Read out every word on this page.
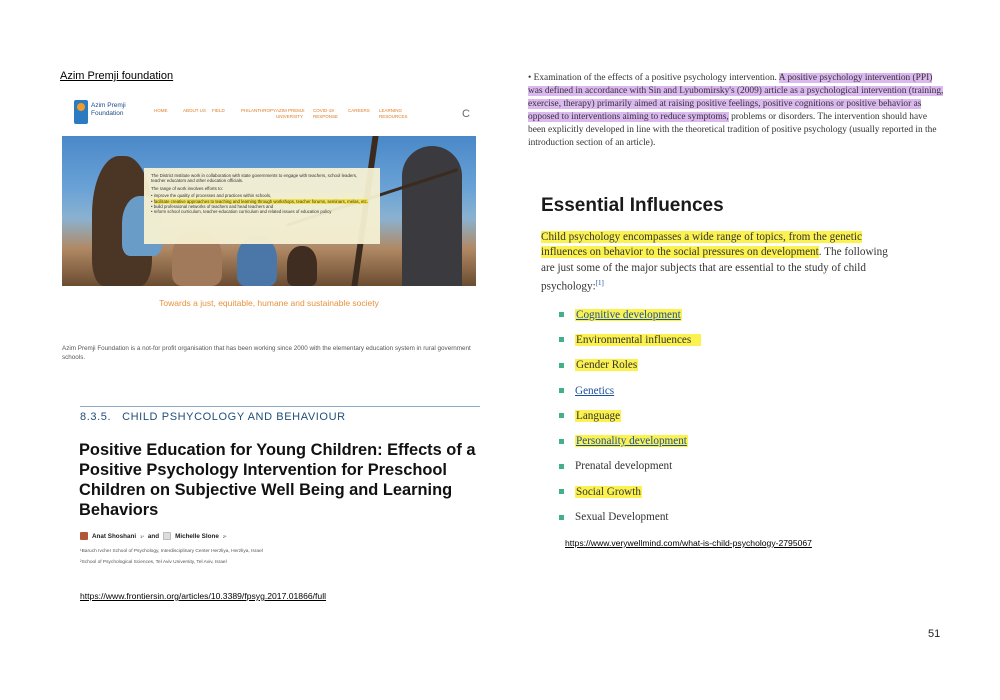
Azim Premji foundation
Azim Premji Foundation	HOME	ABOUT US FIELD	PHILANTHROPY AZIM PREMJI UNIVERSITY
COVID-19 RESPONSE
CAREERS	LEARNING RESOURCES	C
The District Institute work in collaboration with state governments to engage with teachers, school leaders, teacher educators and other education officials.
The range of work involves efforts to:
• improve the quality of processes and practices within schools,
• facilitate creative approaches to teaching and learning through workshops, teacher forums, seminars, melas, etc.
• build professional networks of teachers and head teachers and
• reform school curriculum, teacher-education curriculum and related issues of education policy
Towards a just, equitable, humane and sustainable society
Azim Premji Foundation is a not-for profit organisation that has been working since 2000 with the elementary education system in rural government schools.
8.3.5.   CHILD PSHYCOLOGY AND BEHAVIOUR
Positive Education for Young Children: Effects of a Positive Psychology Intervention for Preschool Children on Subjective Well Being and Learning Behaviors
Anat Shoshani 1* and	Michelle Slone 2*
¹Baruch Ivcher School of Psychology, Interdisciplinary Center Herzliya, Herzliya, Israel
²School of Psychological Sciences, Tel Aviv University, Tel Aviv, Israel
https://www.frontiersin.org/articles/10.3389/fpsyg.2017.01866/full
• Examination of the effects of a positive psychology intervention. A positive psychology intervention (PPI) was defined in accordance with Sin and Lyubomirsky's (2009) article as a psychological intervention (training, exercise, therapy) primarily aimed at raising positive feelings, positive cognitions or positive behavior as opposed to interventions aiming to reduce symptoms, problems or disorders. The intervention should have been explicitly developed in line with the theoretical tradition of positive psychology (usually reported in the introduction section of an article).
Essential Influences
Child psychology encompasses a wide range of topics, from the genetic influences on behavior to the social pressures on development. The following are just some of the major subjects that are essential to the study of child psychology:[1]
Cognitive development
Environmental influences
Gender Roles
Genetics
Language
Personality development
Prenatal development
Social Growth
Sexual Development
https://www.verywellmind.com/what-is-child-psychology-2795067
51
